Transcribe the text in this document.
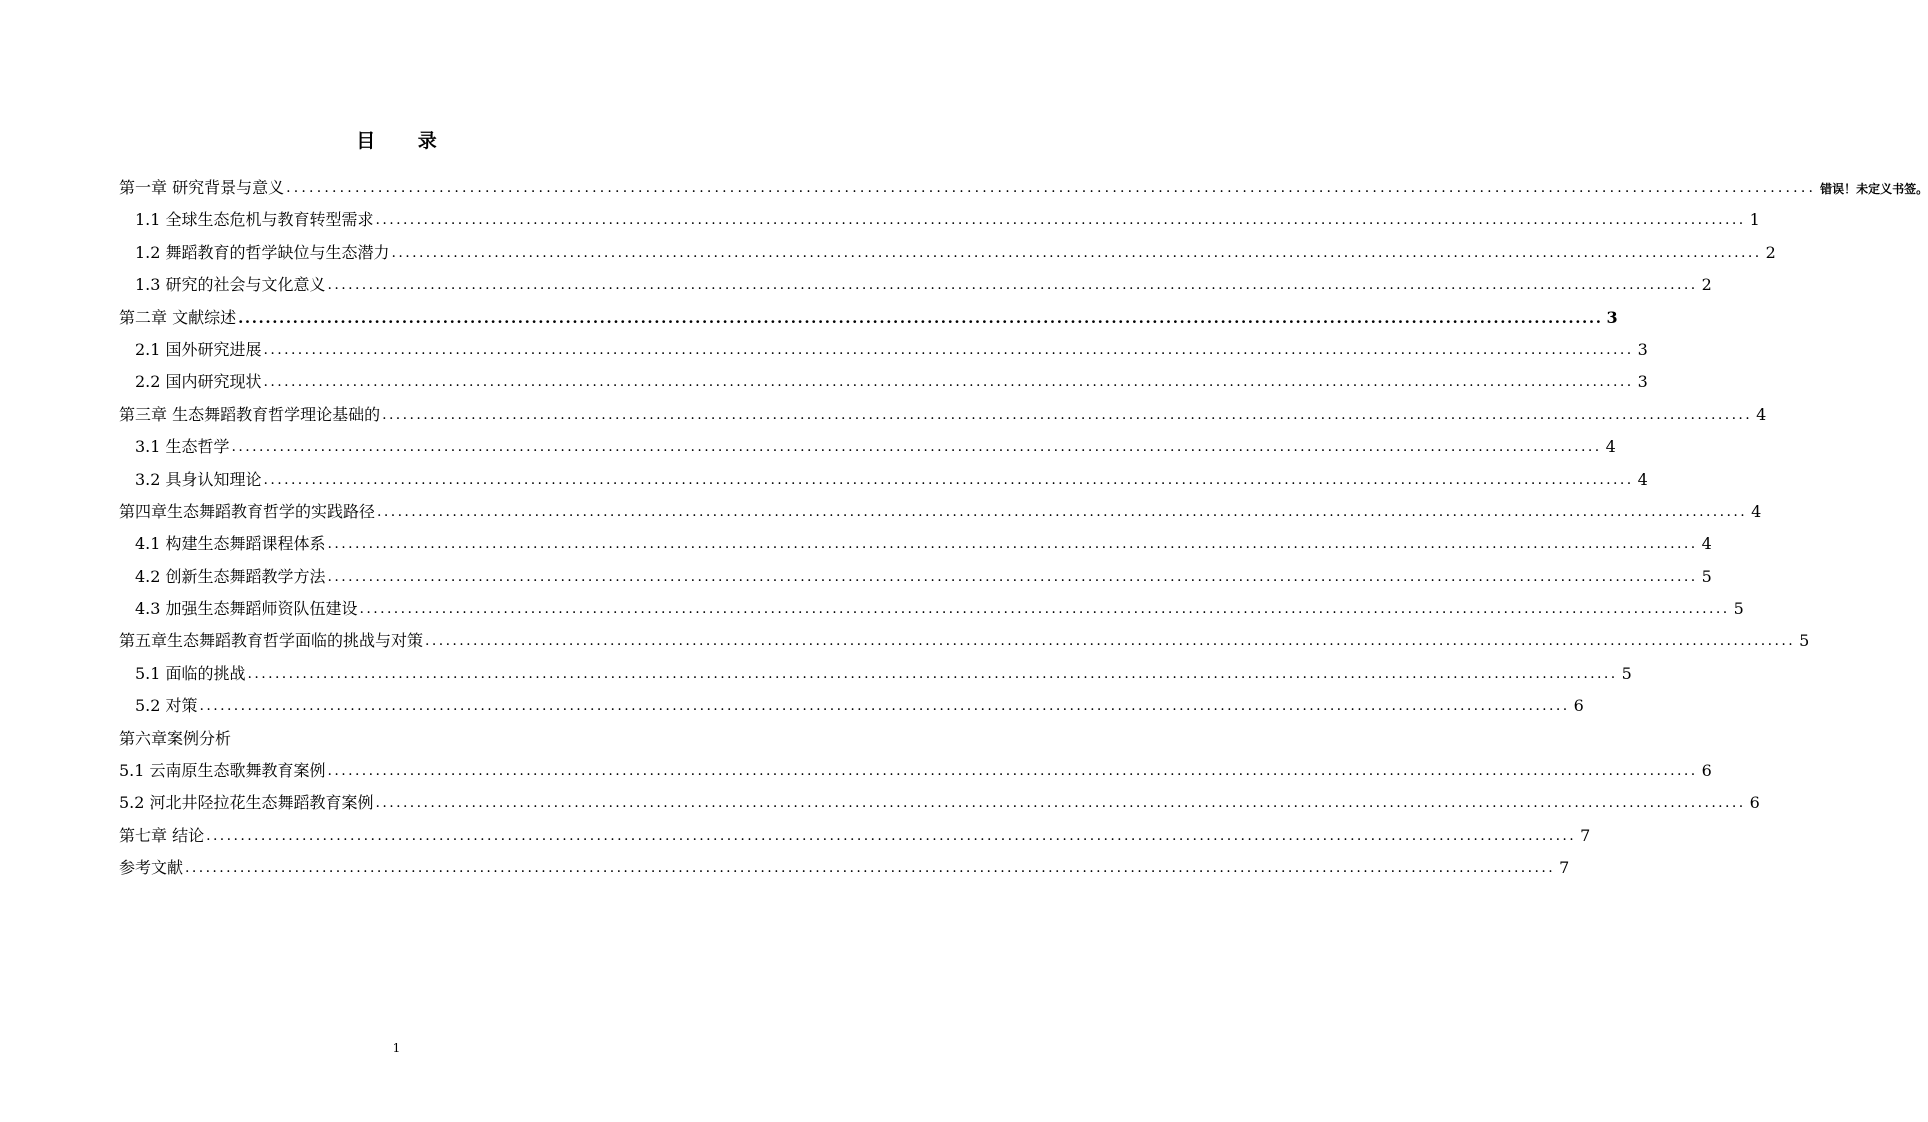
目 录
第一章 研究背景与意义 ........................................................................................................................................................................................................ 错误！未定义书签。
1.1 全球生态危机与教育转型需求 ........................................................................................................................................................................................................ 1
1.2 舞蹈教育的哲学缺位与生态潜力 ........................................................................................................................................................................................................ 2
1.3 研究的社会与文化意义 ........................................................................................................................................................................................................ 2
第二章 文献综述 ........................................................................................................................................................................................................ 3
2.1 国外研究进展 ........................................................................................................................................................................................................ 3
2.2 国内研究现状 ........................................................................................................................................................................................................ 3
第三章 生态舞蹈教育哲学理论基础的 ........................................................................................................................................................................................................ 4
3.1 生态哲学 ........................................................................................................................................................................................................ 4
3.2 具身认知理论 ........................................................................................................................................................................................................ 4
第四章生态舞蹈教育哲学的实践路径 ........................................................................................................................................................................................................ 4
4.1 构建生态舞蹈课程体系 ........................................................................................................................................................................................................ 4
4.2 创新生态舞蹈教学方法 ........................................................................................................................................................................................................ 5
4.3 加强生态舞蹈师资队伍建设 ........................................................................................................................................................................................................ 5
第五章生态舞蹈教育哲学面临的挑战与对策 ........................................................................................................................................................................................................ 5
5.1 面临的挑战 ........................................................................................................................................................................................................ 5
5.2 对策 ........................................................................................................................................................................................................ 6
第六章案例分析
5.1 云南原生态歌舞教育案例 ........................................................................................................................................................................................................ 6
5.2 河北井陉拉花生态舞蹈教育案例 ........................................................................................................................................................................................................ 6
第七章 结论 ........................................................................................................................................................................................................ 7
参考文献 ........................................................................................................................................................................................................ 7
1
